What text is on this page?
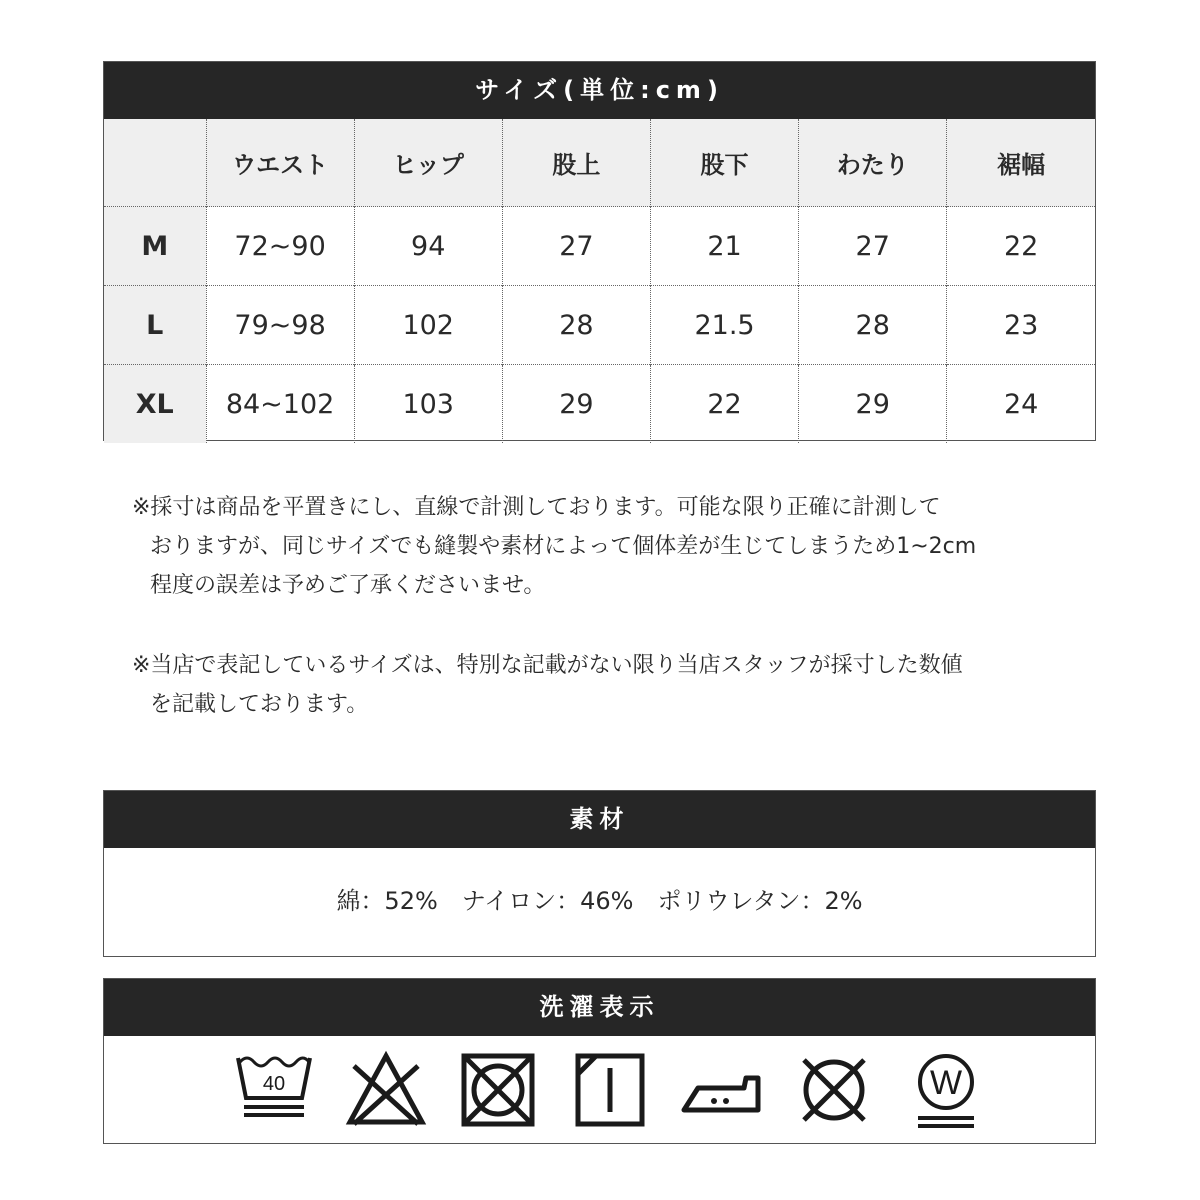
サイズ(単位:cm)
	ウエスト	ヒップ	股上	股下	わたり	裾幅
M	72~90	94	27	21	27	22
L	79~98	102	28	21.5	28	23
XL	84~102	103	29	22	29	24
※採寸は商品を平置きにし、直線で計測しております。可能な限り正確に計測して
おりますが、同じサイズでも縫製や素材によって個体差が生じてしまうため1~2cm
程度の誤差は予めご了承くださいませ。
※当店で表記しているサイズは、特別な記載がない限り当店スタッフが採寸した数値
を記載しております。
素材
綿：52%　ナイロン：46%　ポリウレタン：2%
洗濯表示
40	W
